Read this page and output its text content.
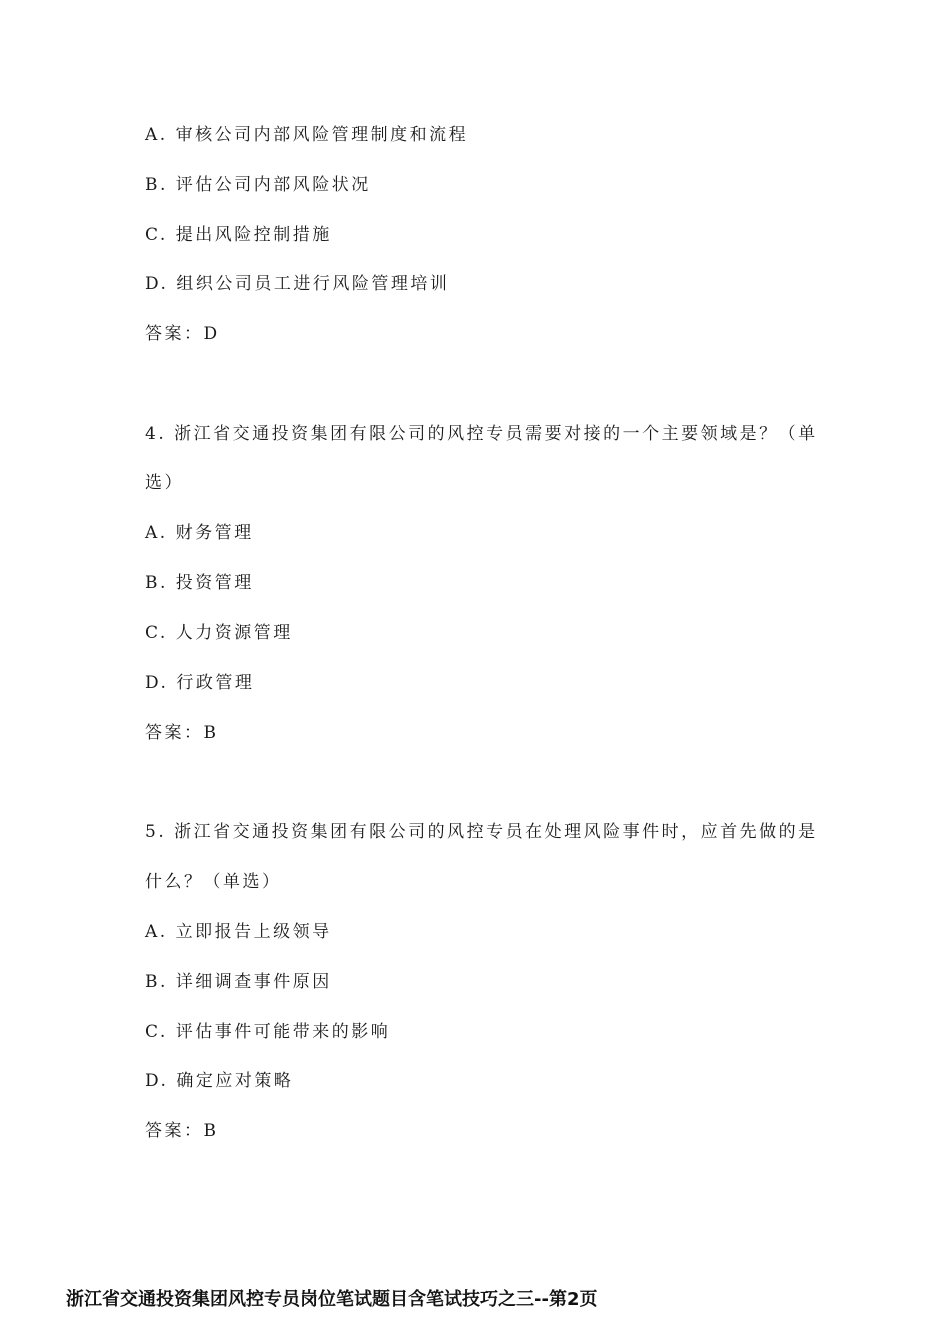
A. 审核公司内部风险管理制度和流程
B. 评估公司内部风险状况
C. 提出风险控制措施
D. 组织公司员工进行风险管理培训
答案：D
4. 浙江省交通投资集团有限公司的风控专员需要对接的一个主要领域是？（单
选）
A. 财务管理
B. 投资管理
C. 人力资源管理
D. 行政管理
答案：B
5. 浙江省交通投资集团有限公司的风控专员在处理风险事件时，应首先做的是
什么？（单选）
A. 立即报告上级领导
B. 详细调查事件原因
C. 评估事件可能带来的影响
D. 确定应对策略
答案：B
浙江省交通投资集团风控专员岗位笔试题目含笔试技巧之三--第2页
